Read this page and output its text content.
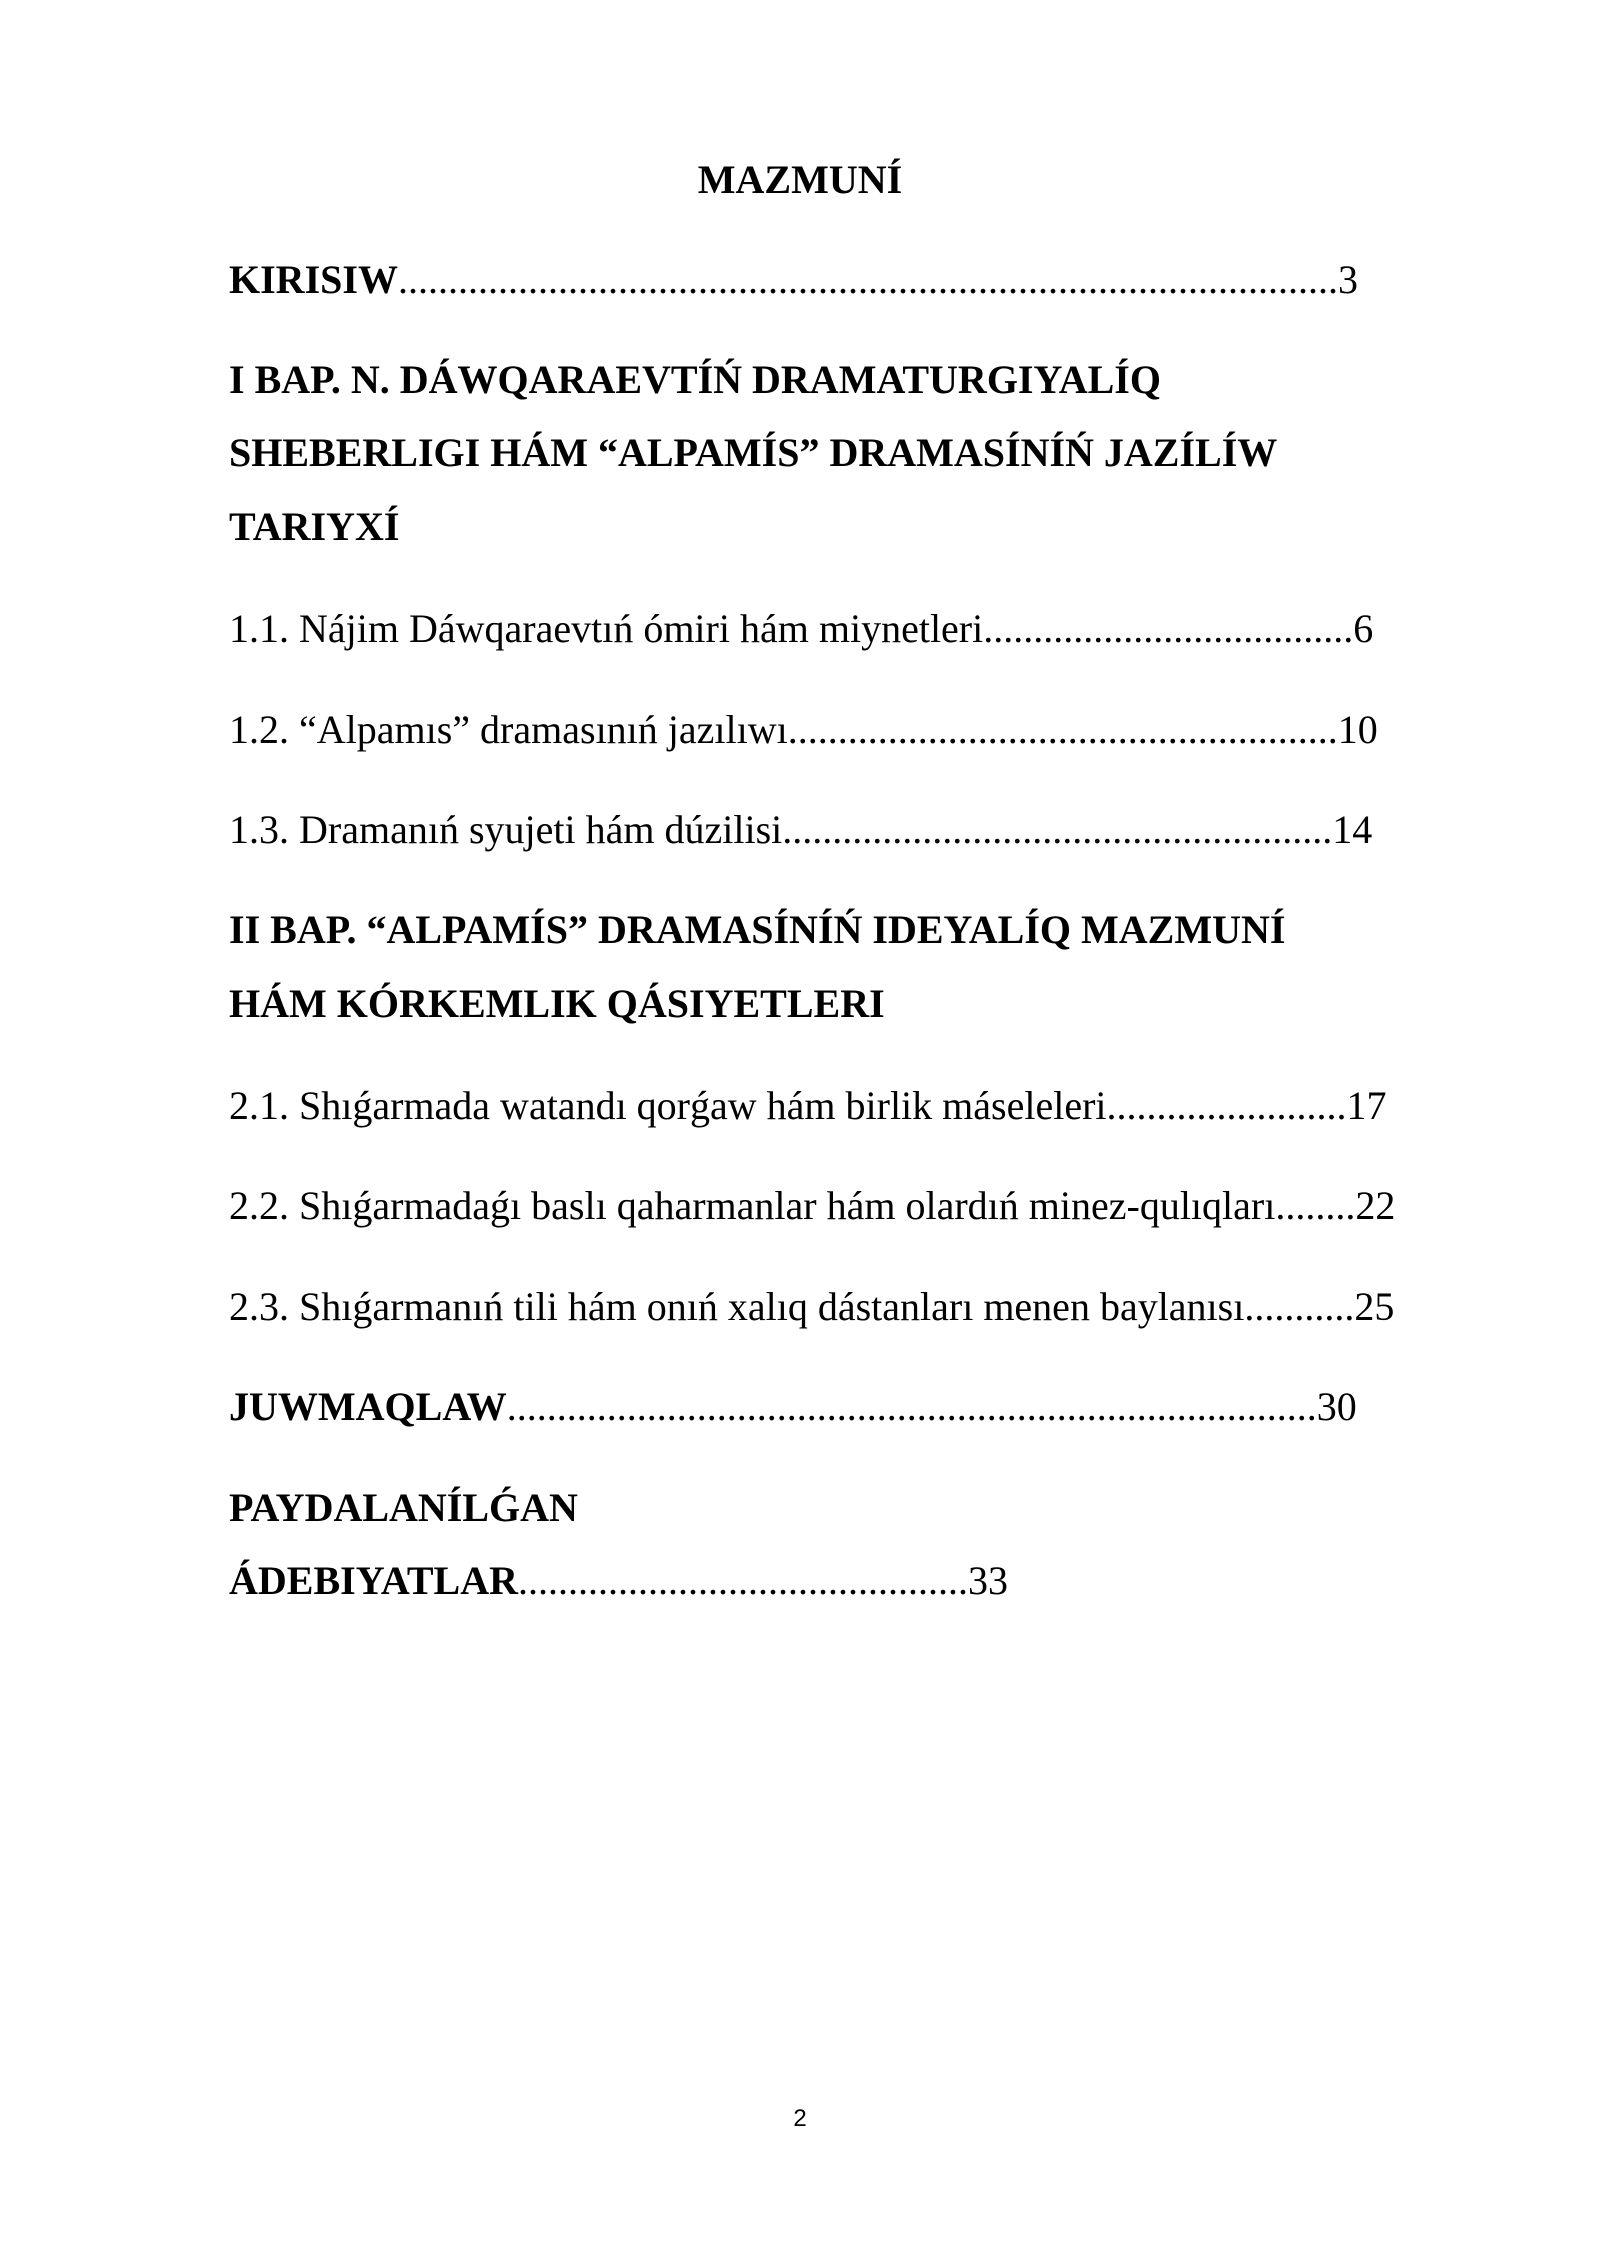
MAZMUNÍ

KIRISIW..............................................................................................3

I BAP. N. DÁWQARAEVTÍŃ DRAMATURGIYALÍQ

SHEBERLIGI HÁM “ALPAMÍS” DRAMASÍNÍŃ JAZÍLÍW

TARIYXÍ

1.1. Nájim Dáwqaraevtıń ómiri hám miynetleri.....................................6

1.2. “Alpamıs” dramasınıń jazılıwı.......................................................10

1.3. Dramanıń syujeti hám dúzilisi.......................................................14

II BAP. “ALPAMÍS” DRAMASÍNÍŃ IDEYALÍQ MAZMUNÍ

HÁM KÓRKEMLIK QÁSIYETLERI

2.1. Shıǵarmada watandı qorǵaw hám birlik máseleleri........................17

2.2. Shıǵarmadaǵı baslı qaharmanlar hám olardıń minez-qulıqları........22

2.3. Shıǵarmanıń tili hám onıń xalıq dástanları menen baylanısı...........25

JUWMAQLAW.................................................................................30

PAYDALANÍLǴAN

ÁDEBIYATLAR.............................................33

2
